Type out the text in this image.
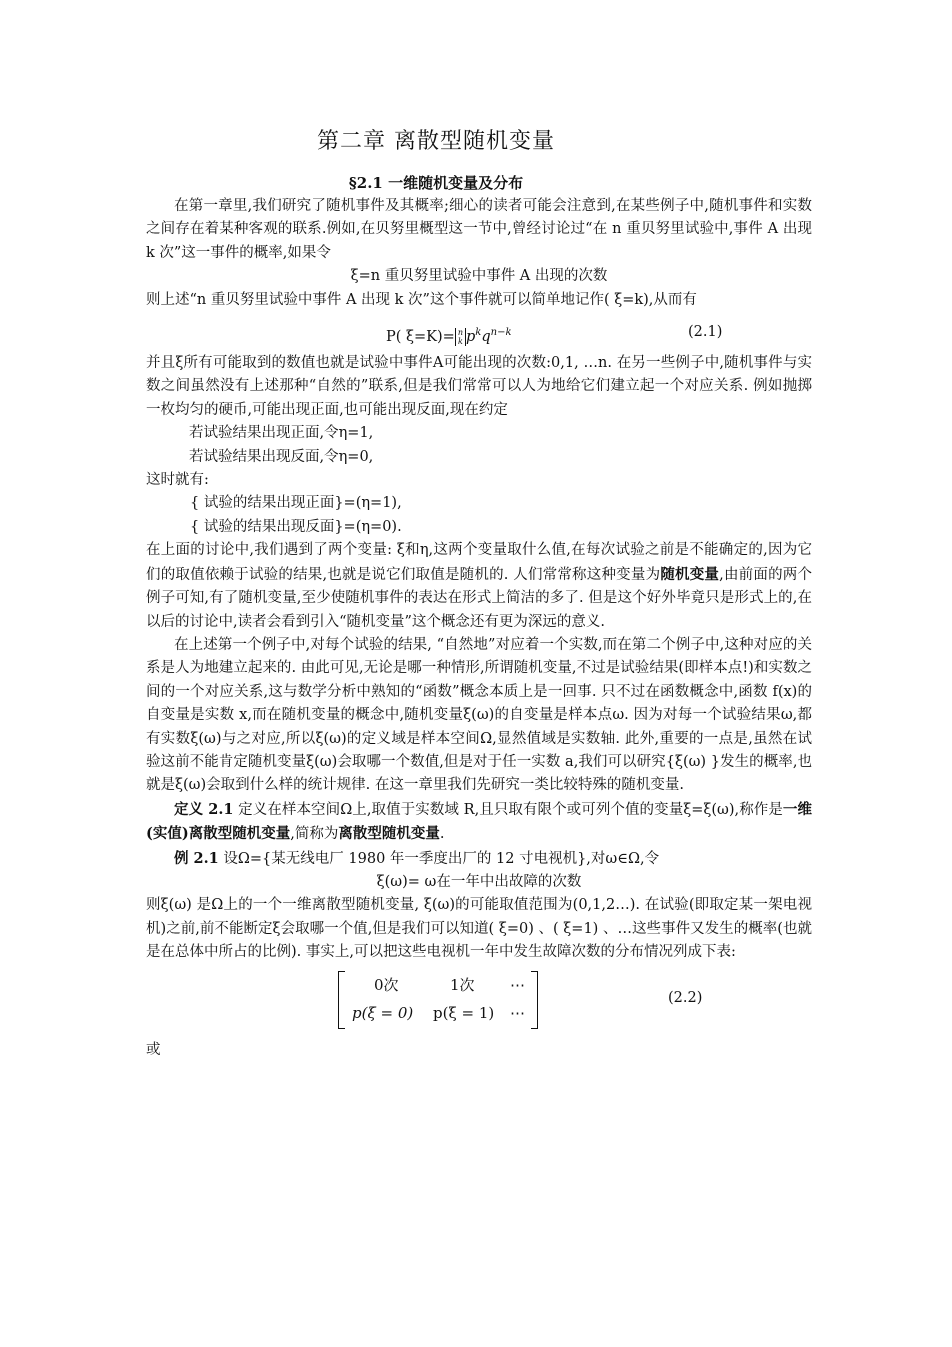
第二章 离散型随机变量
§2.1 一维随机变量及分布

在第一章里,我们研究了随机事件及其概率;细心的读者可能会注意到,在某些例子中,随机事件和实数之间存在着某种客观的联系.例如,在贝努里概型这一节中,曾经讨论过“在 n 重贝努里试验中,事件 A 出现 k 次”这一事件的概率,如果令

ξ=n 重贝努里试验中事件 A 出现的次数

则上述“n 重贝努里试验中事件 A 出现 k 次”这个事件就可以简单地记作( ξ=k),从而有

P( ξ=K)= n
k $p^kq^{n-k}$	(2.1)

并且ξ所有可能取到的数值也就是试验中事件A可能出现的次数:0,1, …n. 在另一些例子中,随机事件与实数之间虽然没有上述那种“自然的”联系,但是我们常常可以人为地给它们建立起一个对应关系. 例如抛掷一枚均匀的硬币,可能出现正面,也可能出现反面,现在约定

若试验结果出现正面,令η=1,

若试验结果出现反面,令η=0,

这时就有:

{ 试验的结果出现正面}=(η=1),

{ 试验的结果出现反面}=(η=0).

在上面的讨论中,我们遇到了两个变量: ξ和η,这两个变量取什么值,在每次试验之前是不能确定的,因为它们的取值依赖于试验的结果,也就是说它们取值是随机的. 人们常常称这种变量为随机变量,由前面的两个例子可知,有了随机变量,至少使随机事件的表达在形式上简洁的多了. 但是这个好外毕竟只是形式上的,在以后的讨论中,读者会看到引入“随机变量”这个概念还有更为深远的意义.

在上述第一个例子中,对每个试验的结果, “自然地”对应着一个实数,而在第二个例子中,这种对应的关系是人为地建立起来的. 由此可见,无论是哪一种情形,所谓随机变量,不过是试验结果(即样本点!)和实数之间的一个对应关系,这与数学分析中熟知的“函数”概念本质上是一回事. 只不过在函数概念中,函数 f(x)的自变量是实数 x,而在随机变量的概念中,随机变量ξ(ω)的自变量是样本点ω. 因为对每一个试验结果ω,都有实数ξ(ω)与之对应,所以ξ(ω)的定义域是样本空间Ω,显然值域是实数轴. 此外,重要的一点是,虽然在试验这前不能肯定随机变量ξ(ω)会取哪一个数值,但是对于任一实数 a,我们可以研究{ξ(ω) }发生的概率,也就是ξ(ω)会取到什么样的统计规律. 在这一章里我们先研究一类比较特殊的随机变量.

定义 2.1 定义在样本空间Ω上,取值于实数域 R,且只取有限个或可列个值的变量ξ=ξ(ω),称作是一维(实值)离散型随机变量,简称为离散型随机变量.

例 2.1 设Ω={某无线电厂 1980 年一季度出厂的 12 寸电视机},对ω∈Ω,令

ξ(ω)= ω在一年中出故障的次数

则ξ(ω) 是Ω上的一个一维离散型随机变量, ξ(ω)的可能取值范围为(0,1,2…). 在试验(即取定某一架电视机)之前,前不能断定ξ会取哪一个值,但是我们可以知道( ξ=0) 、( ξ=1) 、…这些事件又发生的概率(也就是在总体中所占的比例). 事实上,可以把这些电视机一年中发生故障次数的分布情况列成下表:

0次	1次 ⋯
p(ξ = 0) p(ξ = 1) ⋯
(2.2)

或
